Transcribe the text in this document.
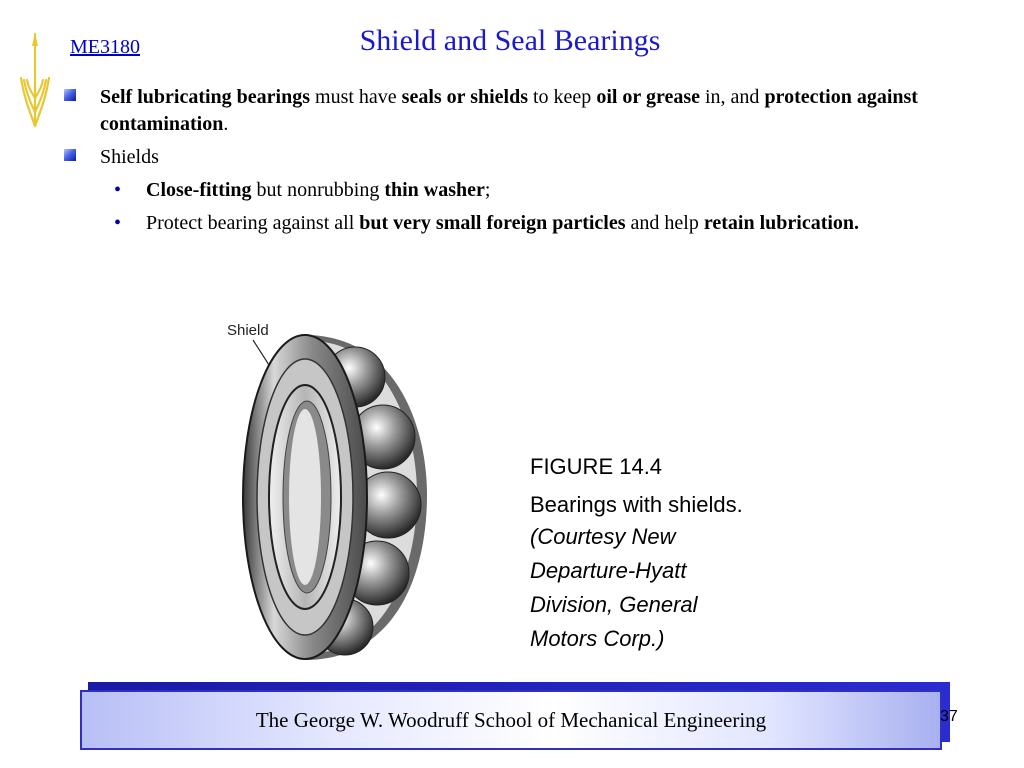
ME3180	Shield and Seal Bearings
Self lubricating bearings must have seals or shields to keep oil or grease in, and protection against contamination.
Shields
• Close-fitting but nonrubbing thin washer;
• Protect bearing against all but very small foreign particles and help retain lubrication.
Shield
FIGURE 14.4
Bearings with shields.
(Courtesy New Departure-Hyatt Division, General Motors Corp.)
The George W. Woodruff School of Mechanical Engineering	37
